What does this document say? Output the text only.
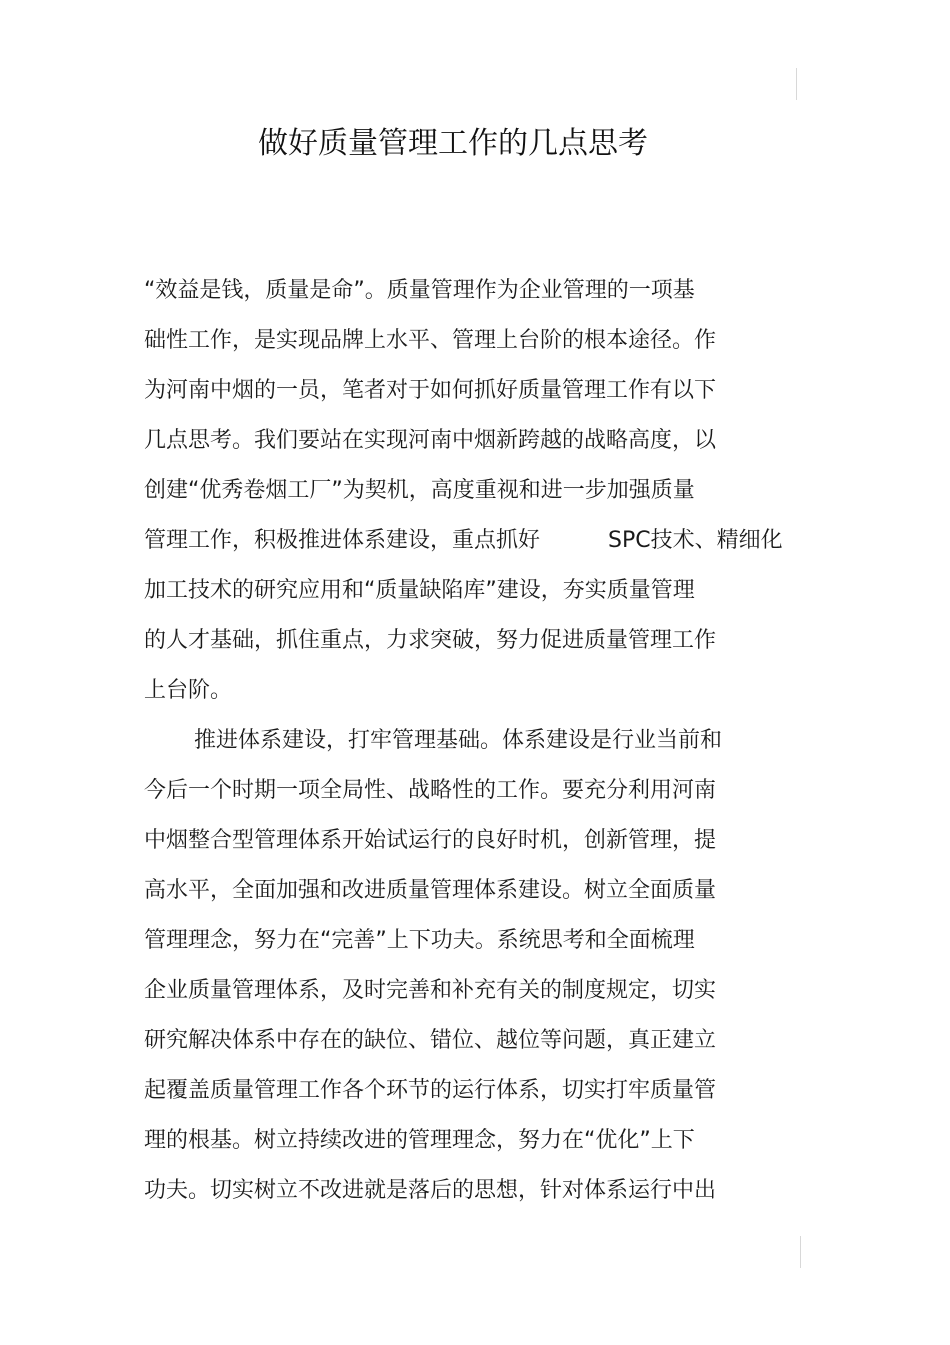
做好质量管理工作的几点思考
“效益是钱，质量是命”。质量管理作为企业管理的一项基
础性工作，是实现品牌上水平、管理上台阶的根本途径。作
为河南中烟的一员，笔者对于如何抓好质量管理工作有以下
几点思考。我们要站在实现河南中烟新跨越的战略高度，以
创建“优秀卷烟工厂”为契机，高度重视和进一步加强质量
管理工作，积极推进体系建设，重点抓好	SPC技术、精细化
加工技术的研究应用和“质量缺陷库”建设，夯实质量管理
的人才基础，抓住重点，力求突破，努力促进质量管理工作
上台阶。
推进体系建设，打牢管理基础。体系建设是行业当前和
今后一个时期一项全局性、战略性的工作。要充分利用河南
中烟整合型管理体系开始试运行的良好时机，创新管理，提
高水平，全面加强和改进质量管理体系建设。树立全面质量
管理理念，努力在“完善”上下功夫。系统思考和全面梳理
企业质量管理体系，及时完善和补充有关的制度规定，切实
研究解决体系中存在的缺位、错位、越位等问题，真正建立
起覆盖质量管理工作各个环节的运行体系，切实打牢质量管
理的根基。树立持续改进的管理理念，努力在“优化”上下
功夫。切实树立不改进就是落后的思想，针对体系运行中出
